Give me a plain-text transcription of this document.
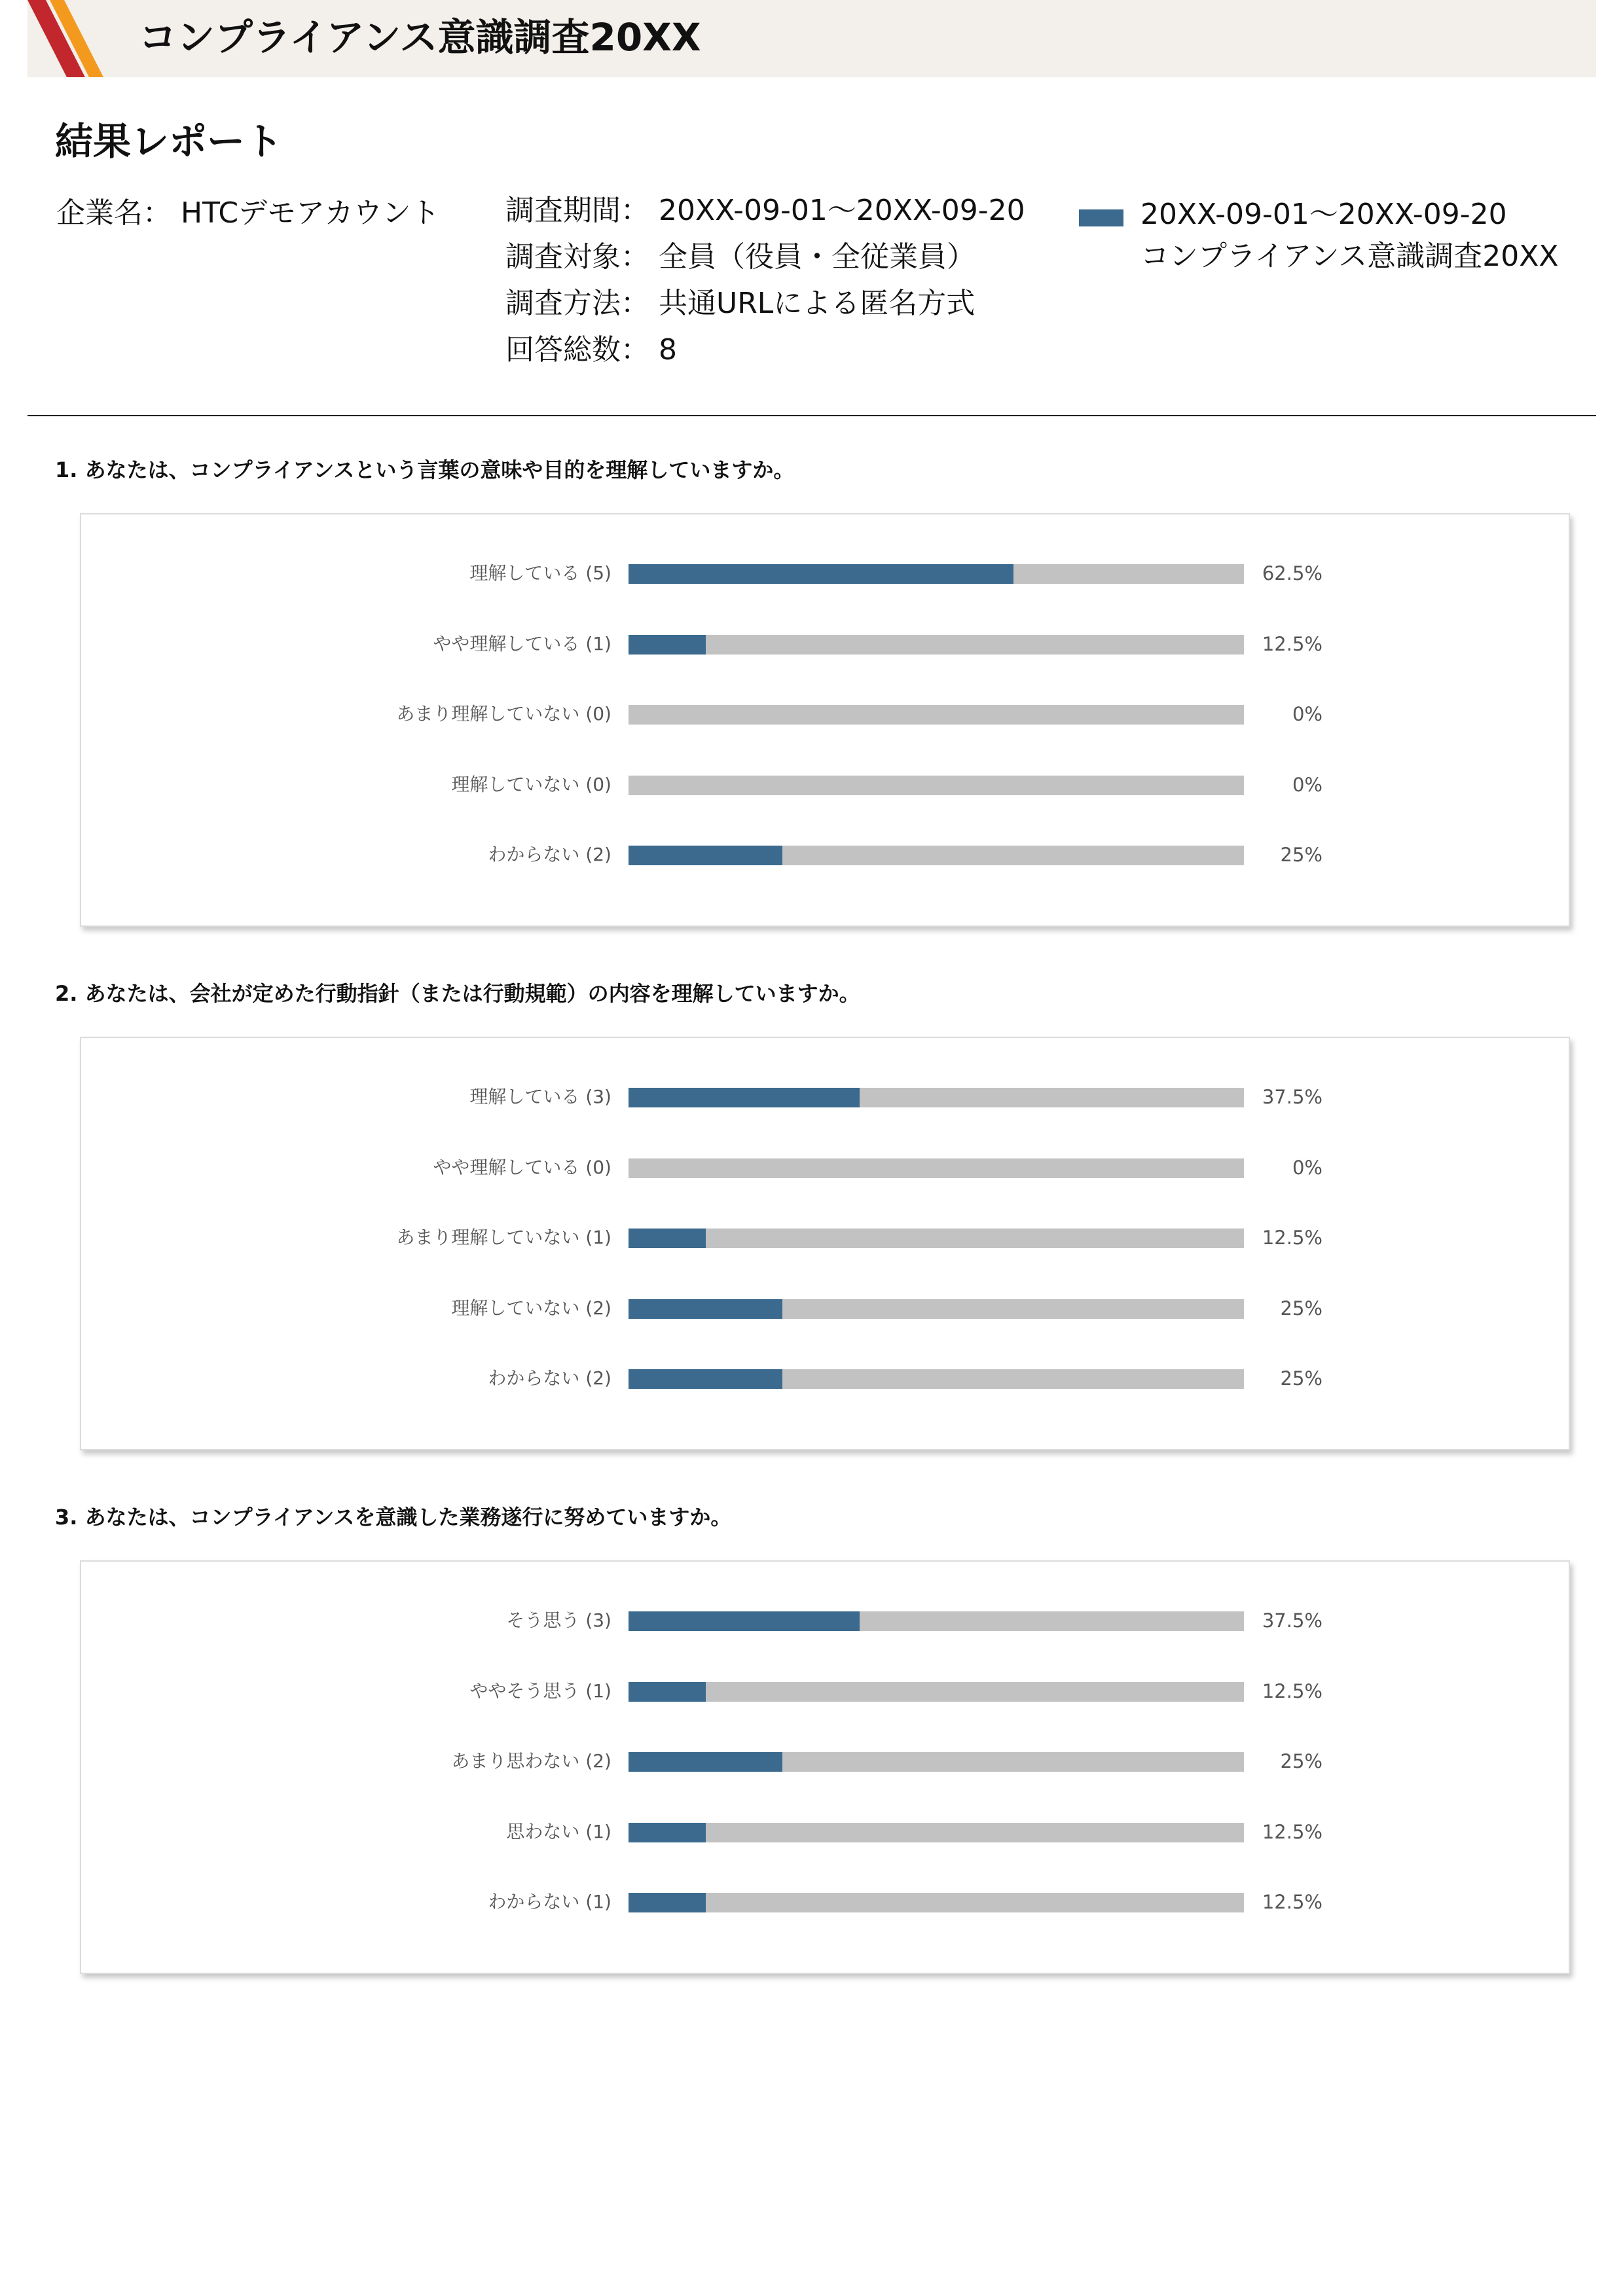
コンプライアンス意識調査20XX
結果レポート
企業名： HTCデモアカウント 調査期間： 20XX-09-01〜20XX-09-20
調査対象： 全員（役員・全従業員）
調査方法： 共通URLによる匿名方式
回答総数： 8
20XX-09-01〜20XX-09-20
コンプライアンス意識調査20XX
1. あなたは、コンプライアンスという言葉の意味や目的を理解していますか。
理解している (5)	62.5%
やや理解している (1)	12.5%
あまり理解していない (0)	0%
理解していない (0)	0%
わからない (2)	25%
2. あなたは、会社が定めた行動指針（または行動規範）の内容を理解していますか。
理解している (3)	37.5%
やや理解している (0)	0%
あまり理解していない (1)	12.5%
理解していない (2)	25%
わからない (2)	25%
3. あなたは、コンプライアンスを意識した業務遂行に努めていますか。
そう思う (3)	37.5%
ややそう思う (1)	12.5%
あまり思わない (2)	25%
思わない (1)	12.5%
わからない (1)	12.5%
